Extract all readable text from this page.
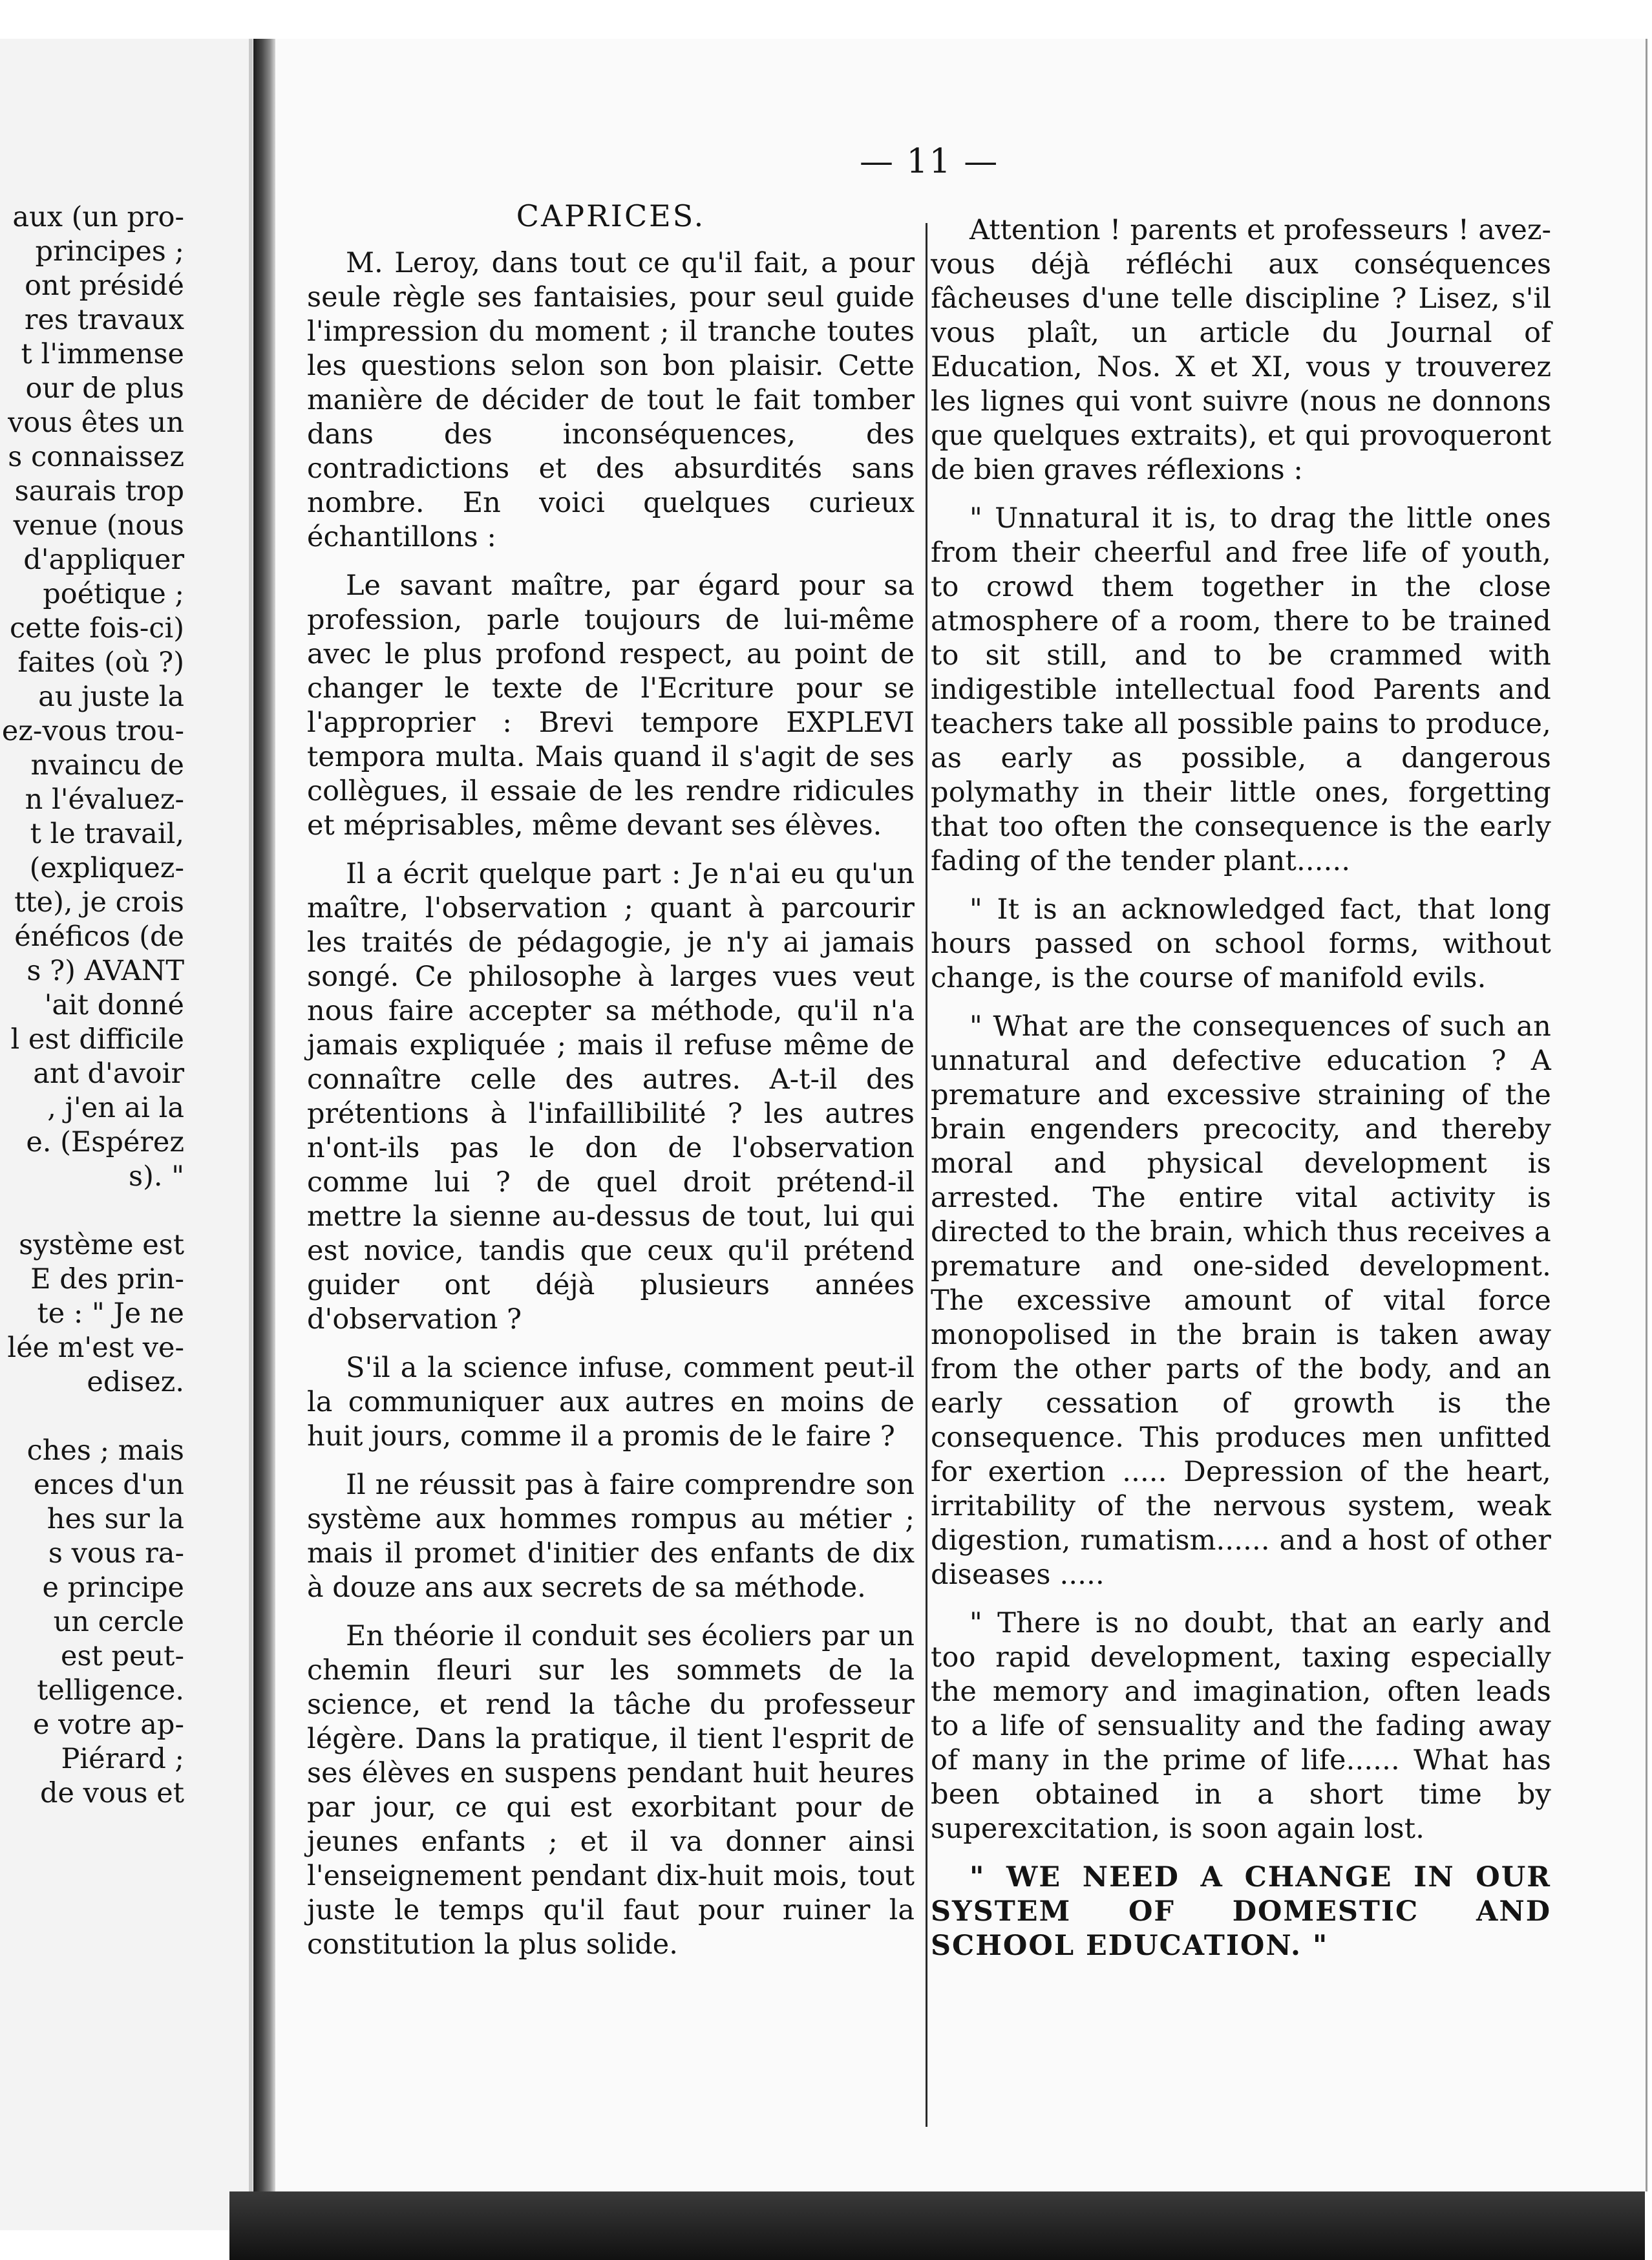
aux (un pro-
principes ;
ont présidé
res travaux
t l'immense
our de plus
vous êtes un
s connaissez
saurais trop
venue (nous
d'appliquer
poétique ;
cette fois-ci)
faites (où ?)
au juste la
ez-vous trou-
nvaincu de
n l'évaluez-
t le travail,
(expliquez-
tte), je crois
énéficos (de
s ?) AVANT
'ait donné
l est difficile
ant d'avoir
, j'en ai la
e. (Espérez
s). "

système est
E des prin-
te : " Je ne
lée m'est ve-
edisez.

ches ; mais
ences d'un
hes sur la
s vous ra-
e principe
un cercle
est peut-
telligence.
e votre ap-
Piérard ;
de vous et
— 11 —
CAPRICES.

M. Leroy, dans tout ce qu'il fait, a pour seule règle ses fantaisies, pour seul guide l'impression du moment ; il tranche toutes les questions selon son bon plaisir. Cette manière de décider de tout le fait tomber dans des inconséquences, des contradictions et des absurdités sans nombre. En voici quelques curieux échantillons :

Le savant maître, par égard pour sa profession, parle toujours de lui-même avec le plus profond respect, au point de changer le texte de l'Ecriture pour se l'approprier : Brevi tempore EXPLEVI tempora multa. Mais quand il s'agit de ses collègues, il essaie de les rendre ridicules et méprisables, même devant ses élèves.

Il a écrit quelque part : Je n'ai eu qu'un maître, l'observation ; quant à parcourir les traités de pédagogie, je n'y ai jamais songé. Ce philosophe à larges vues veut nous faire accepter sa méthode, qu'il n'a jamais expliquée ; mais il refuse même de connaître celle des autres. A-t-il des prétentions à l'infaillibilité ? les autres n'ont-ils pas le don de l'observation comme lui ? de quel droit prétend-il mettre la sienne au-dessus de tout, lui qui est novice, tandis que ceux qu'il prétend guider ont déjà plusieurs années d'observation ?

S'il a la science infuse, comment peut-il la communiquer aux autres en moins de huit jours, comme il a promis de le faire ?

Il ne réussit pas à faire comprendre son système aux hommes rompus au métier ; mais il promet d'initier des enfants de dix à douze ans aux secrets de sa méthode.

En théorie il conduit ses écoliers par un chemin fleuri sur les sommets de la science, et rend la tâche du professeur légère. Dans la pratique, il tient l'esprit de ses élèves en suspens pendant huit heures par jour, ce qui est exorbitant pour de jeunes enfants ; et il va donner ainsi l'enseignement pendant dix-huit mois, tout juste le temps qu'il faut pour ruiner la constitution la plus solide.

Attention ! parents et professeurs ! avez-vous déjà réfléchi aux conséquences fâcheuses d'une telle discipline ? Lisez, s'il vous plaît, un article du Journal of Education, Nos. X et XI, vous y trouverez les lignes qui vont suivre (nous ne donnons que quelques extraits), et qui provoqueront de bien graves réflexions :

" Unnatural it is, to drag the little ones from their cheerful and free life of youth, to crowd them together in the close atmosphere of a room, there to be trained to sit still, and to be crammed with indigestible intellectual food Parents and teachers take all possible pains to produce, as early as possible, a dangerous polymathy in their little ones, forgetting that too often the consequence is the early fading of the tender plant......

" It is an acknowledged fact, that long hours passed on school forms, without change, is the course of manifold evils.

" What are the consequences of such an unnatural and defective education ? A premature and excessive straining of the brain engenders precocity, and thereby moral and physical development is arrested. The entire vital activity is directed to the brain, which thus receives a premature and one-sided development. The excessive amount of vital force monopolised in the brain is taken away from the other parts of the body, and an early cessation of growth is the consequence. This produces men unfitted for exertion ..... Depression of the heart, irritability of the nervous system, weak digestion, rumatism...... and a host of other diseases .....

" There is no doubt, that an early and too rapid development, taxing especially the memory and imagination, often leads to a life of sensuality and the fading away of many in the prime of life...... What has been obtained in a short time by superexcitation, is soon again lost.

" WE NEED A CHANGE IN OUR SYSTEM OF DOMESTIC AND SCHOOL EDUCATION. "
